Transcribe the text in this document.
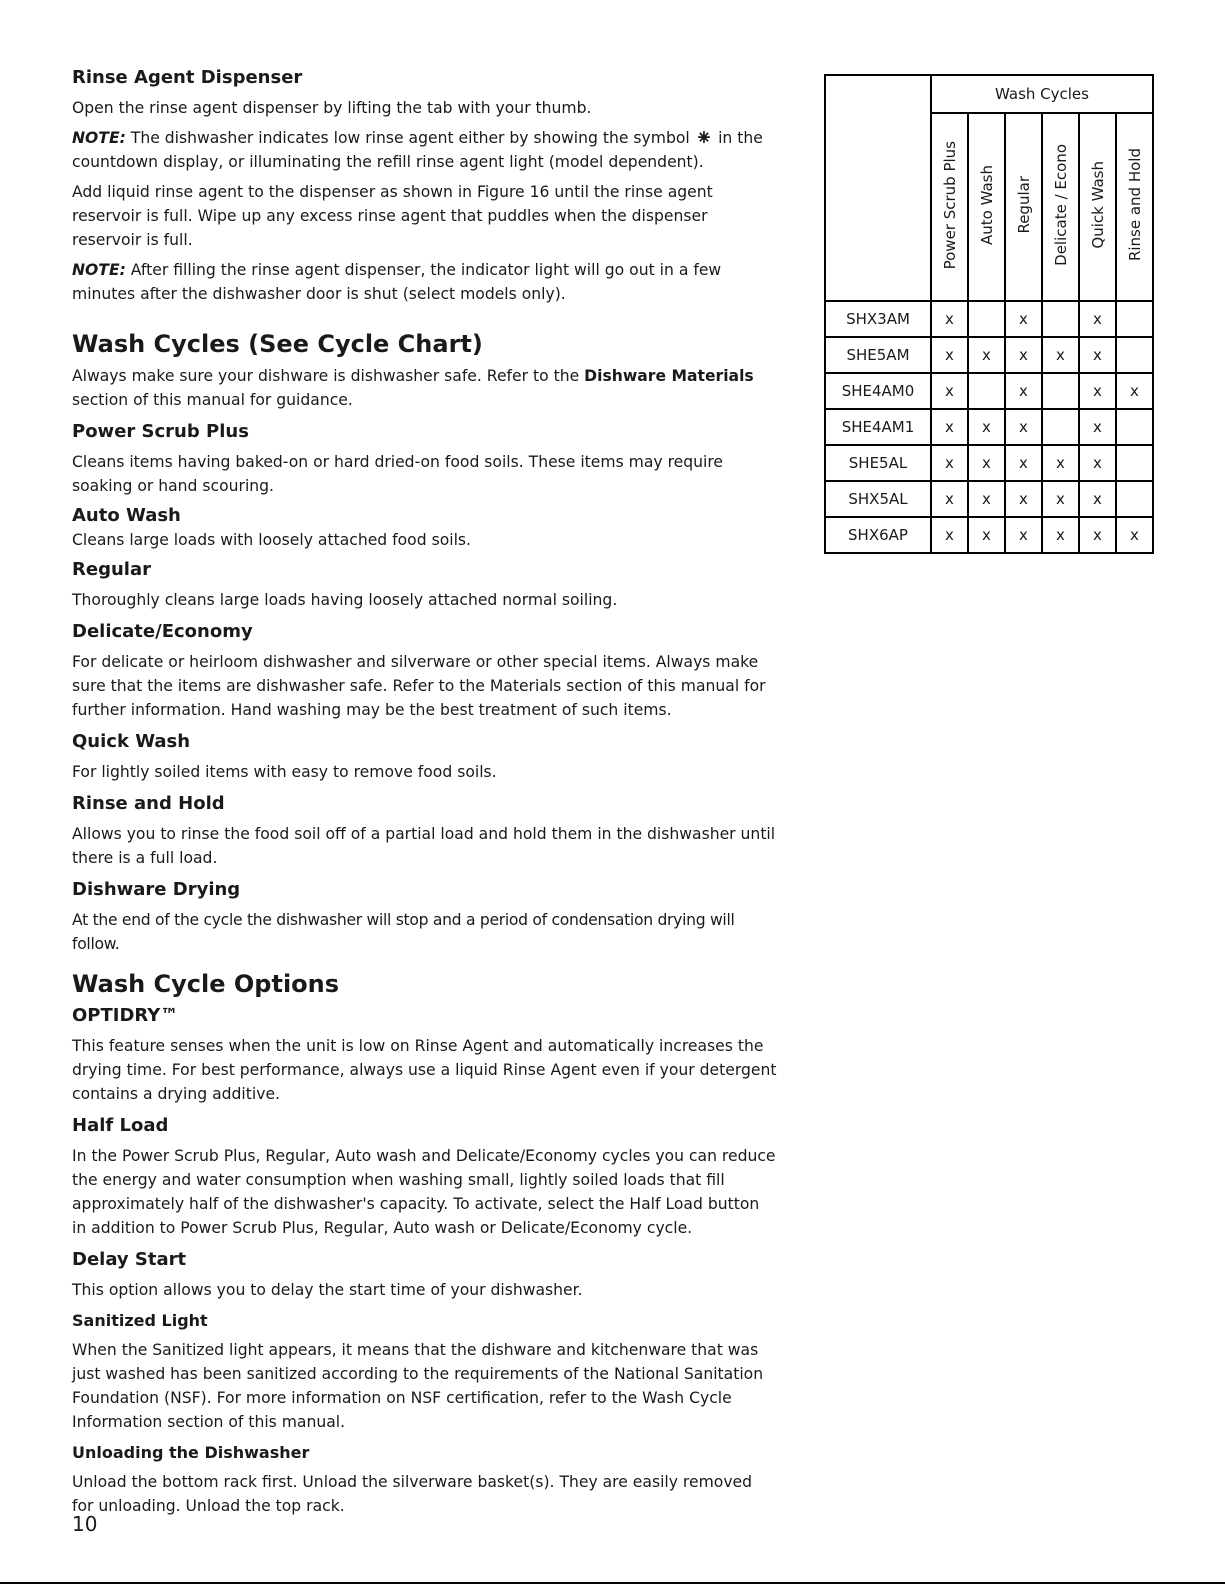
Rinse Agent Dispenser

Open the rinse agent dispenser by lifting the tab with your thumb.

NOTE: The dishwasher indicates low rinse agent either by showing the symbol ⁕ in the countdown display, or illuminating the refill rinse agent light (model dependent).

Add liquid rinse agent to the dispenser as shown in Figure 16 until the rinse agent reservoir is full. Wipe up any excess rinse agent that puddles when the dispenser reservoir is full.

NOTE: After filling the rinse agent dispenser, the indicator light will go out in a few minutes after the dishwasher door is shut (select models only).

Wash Cycles (See Cycle Chart)

Always make sure your dishware is dishwasher safe. Refer to the Dishware Materials section of this manual for guidance.

Power Scrub Plus

Cleans items having baked-on or hard dried-on food soils. These items may require soaking or hand scouring.

Auto Wash

Cleans large loads with loosely attached food soils.

Regular

Thoroughly cleans large loads having loosely attached normal soiling.

Delicate/Economy

For delicate or heirloom dishwasher and silverware or other special items. Always make sure that the items are dishwasher safe. Refer to the Materials section of this manual for further information. Hand washing may be the best treatment of such items.

Quick Wash

For lightly soiled items with easy to remove food soils.

Rinse and Hold

Allows you to rinse the food soil off of a partial load and hold them in the dishwasher until there is a full load.

Dishware Drying

At the end of the cycle the dishwasher will stop and a period of condensation drying will follow.

Wash Cycle Options
OPTIDRY™

This feature senses when the unit is low on Rinse Agent and automatically increases the drying time. For best performance, always use a liquid Rinse Agent even if your detergent contains a drying additive.

Half Load

In the Power Scrub Plus, Regular, Auto wash and Delicate/Economy cycles you can reduce the energy and water consumption when washing small, lightly soiled loads that fill approximately half of the dishwasher's capacity. To activate, select the Half Load button in addition to Power Scrub Plus, Regular, Auto wash or Delicate/Economy cycle.

Delay Start

This option allows you to delay the start time of your dishwasher.

Sanitized Light

When the Sanitized light appears, it means that the dishware and kitchenware that was just washed has been sanitized according to the requirements of the National Sanitation Foundation (NSF). For more information on NSF certification, refer to the Wash Cycle Information section of this manual.

Unloading the Dishwasher

Unload the bottom rack first. Unload the silverware basket(s). They are easily removed for unloading. Unload the top rack.

10
	Wash Cycles					
	Power Scrub Plus	Auto Wash	Regular	Delicate / Econo	Quick Wash	Rinse and Hold
SHX3AM	x		x		x	
SHE5AM	x	x	x	x	x	
SHE4AM0	x		x		x	x
SHE4AM1	x	x	x		x	
SHE5AL	x	x	x	x	x	
SHX5AL	x	x	x	x	x	
SHX6AP	x	x	x	x	x	x
